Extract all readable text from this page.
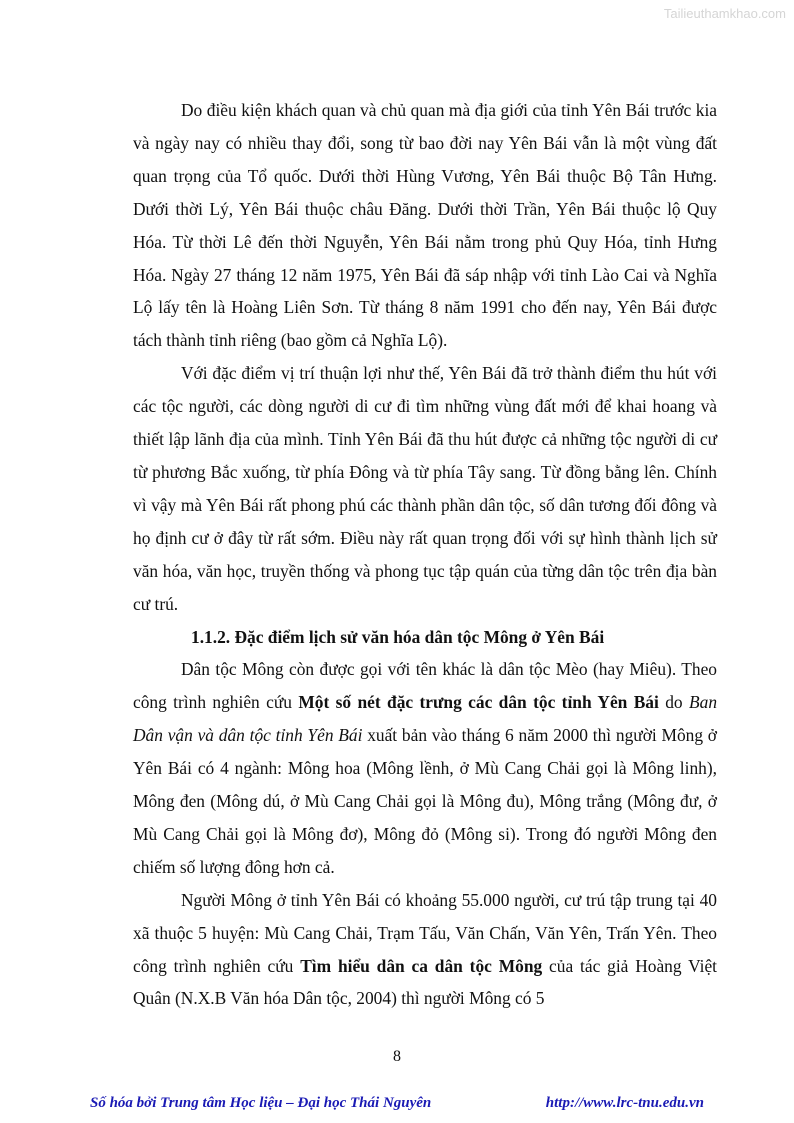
Tailieuthamkhao.com

Do điều kiện khách quan và chủ quan mà địa giới của tỉnh Yên Bái trước kia và ngày nay có nhiều thay đổi, song từ bao đời nay Yên Bái vẫn là một vùng đất quan trọng của Tổ quốc. Dưới thời Hùng Vương, Yên Bái thuộc Bộ Tân Hưng. Dưới thời Lý, Yên Bái thuộc châu Đăng. Dưới thời Trần, Yên Bái thuộc lộ Quy Hóa. Từ thời Lê đến thời Nguyễn, Yên Bái nằm trong phủ Quy Hóa, tỉnh Hưng Hóa. Ngày 27 tháng 12 năm 1975, Yên Bái đã sáp nhập với tỉnh Lào Cai và Nghĩa Lộ lấy tên là Hoàng Liên Sơn. Từ tháng 8 năm 1991 cho đến nay, Yên Bái được tách thành tỉnh riêng (bao gồm cả Nghĩa Lộ).

Với đặc điểm vị trí thuận lợi như thế, Yên Bái đã trở thành điểm thu hút với các tộc người, các dòng người di cư đi tìm những vùng đất mới để khai hoang và thiết lập lãnh địa của mình. Tỉnh Yên Bái đã thu hút được cả những tộc người di cư từ phương Bắc xuống, từ phía Đông và từ phía Tây sang. Từ đồng bằng lên. Chính vì vậy mà Yên Bái rất phong phú các thành phần dân tộc, số dân tương đối đông và họ định cư ở đây từ rất sớm. Điều này rất quan trọng đối với sự hình thành lịch sử văn hóa, văn học, truyền thống và phong tục tập quán của từng dân tộc trên địa bàn cư trú.

1.1.2. Đặc điểm lịch sử văn hóa dân tộc Mông ở Yên Bái

Dân tộc Mông còn được gọi với tên khác là dân tộc Mèo (hay Miêu). Theo công trình nghiên cứu Một số nét đặc trưng các dân tộc tỉnh Yên Bái do Ban Dân vận và dân tộc tỉnh Yên Bái xuất bản vào tháng 6 năm 2000 thì người Mông ở Yên Bái có 4 ngành: Mông hoa (Mông lềnh, ở Mù Cang Chải gọi là Mông linh), Mông đen (Mông dú, ở Mù Cang Chải gọi là Mông đu), Mông trắng (Mông đư, ở Mù Cang Chải gọi là Mông đơ), Mông đỏ (Mông si). Trong đó người Mông đen chiếm số lượng đông hơn cả.

Người Mông ở tỉnh Yên Bái có khoảng 55.000 người, cư trú tập trung tại 40 xã thuộc 5 huyện: Mù Cang Chải, Trạm Tấu, Văn Chấn, Văn Yên, Trấn Yên. Theo công trình nghiên cứu Tìm hiểu dân ca dân tộc Mông của tác giả Hoàng Việt Quân (N.X.B Văn hóa Dân tộc, 2004) thì người Mông có 5

8
Số hóa bởi Trung tâm Học liệu – Đại học Thái Nguyên	http://www.lrc-tnu.edu.vn
